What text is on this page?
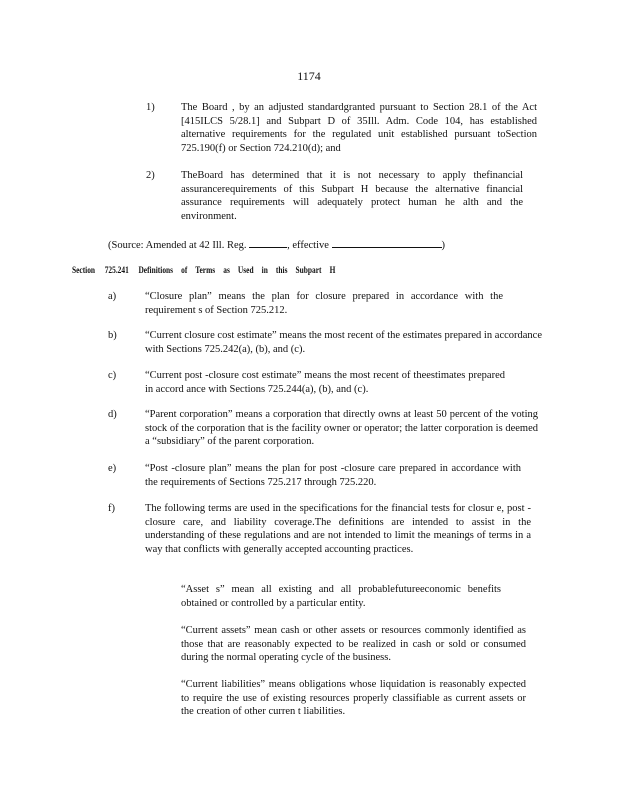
1174
1)	The Board , by an adjusted standardgranted pursuant to Section 28.1 of the Act [415ILCS 5/28.1] and Subpart D of 35Ill. Adm. Code 104, has established alternative requirements for the regulated unit established pursuant toSection 725.190(f) or Section 724.210(d); and
2)	TheBoard has determined that it is not necessary to apply thefinancial assurancerequirements of this Subpart H because the alternative financial assurance requirements will adequately protect human he alth and the environment.
(Source: Amended at 42 Ill. Reg.	, effective	)
Section 725.241 Definitions of Terms as Used in this Subpart H
a)	“Closure plan” means the plan for closure prepared in accordance with the requirement s of Section 725.212.
b)	“Current closure cost estimate” means the most recent of the estimates prepared in accordance with Sections 725.242(a), (b), and (c).
c)	“Current post -closure cost estimate” means the most recent of theestimates prepared in accord ance with Sections 725.244(a), (b), and (c).
d)	“Parent corporation” means a corporation that directly owns at least 50 percent of the voting stock of the corporation that is the facility owner or operator; the latter corporation is deemed a “subsidiary” of the parent corporation.
e)	“Post -closure plan” means the plan for post -closure care prepared in accordance with the requirements of Sections 725.217 through 725.220.
f)	The following terms are used in the specifications for the financial tests for closur e, post -closure care, and liability coverage.The definitions are intended to assist in the understanding of these regulations and are not intended to limit the meanings of terms in a way that conflicts with generally accepted accounting practices.
“Asset s” mean all existing and all probablefutureeconomic benefits obtained or controlled by a particular entity.
“Current assets” mean cash or other assets or resources commonly identified as those that are reasonably expected to be realized in cash or sold or consumed during the normal operating cycle of the business.
“Current liabilities” means obligations whose liquidation is reasonably expected to require the use of existing resources properly classifiable as current assets or the creation of other curren t liabilities.
